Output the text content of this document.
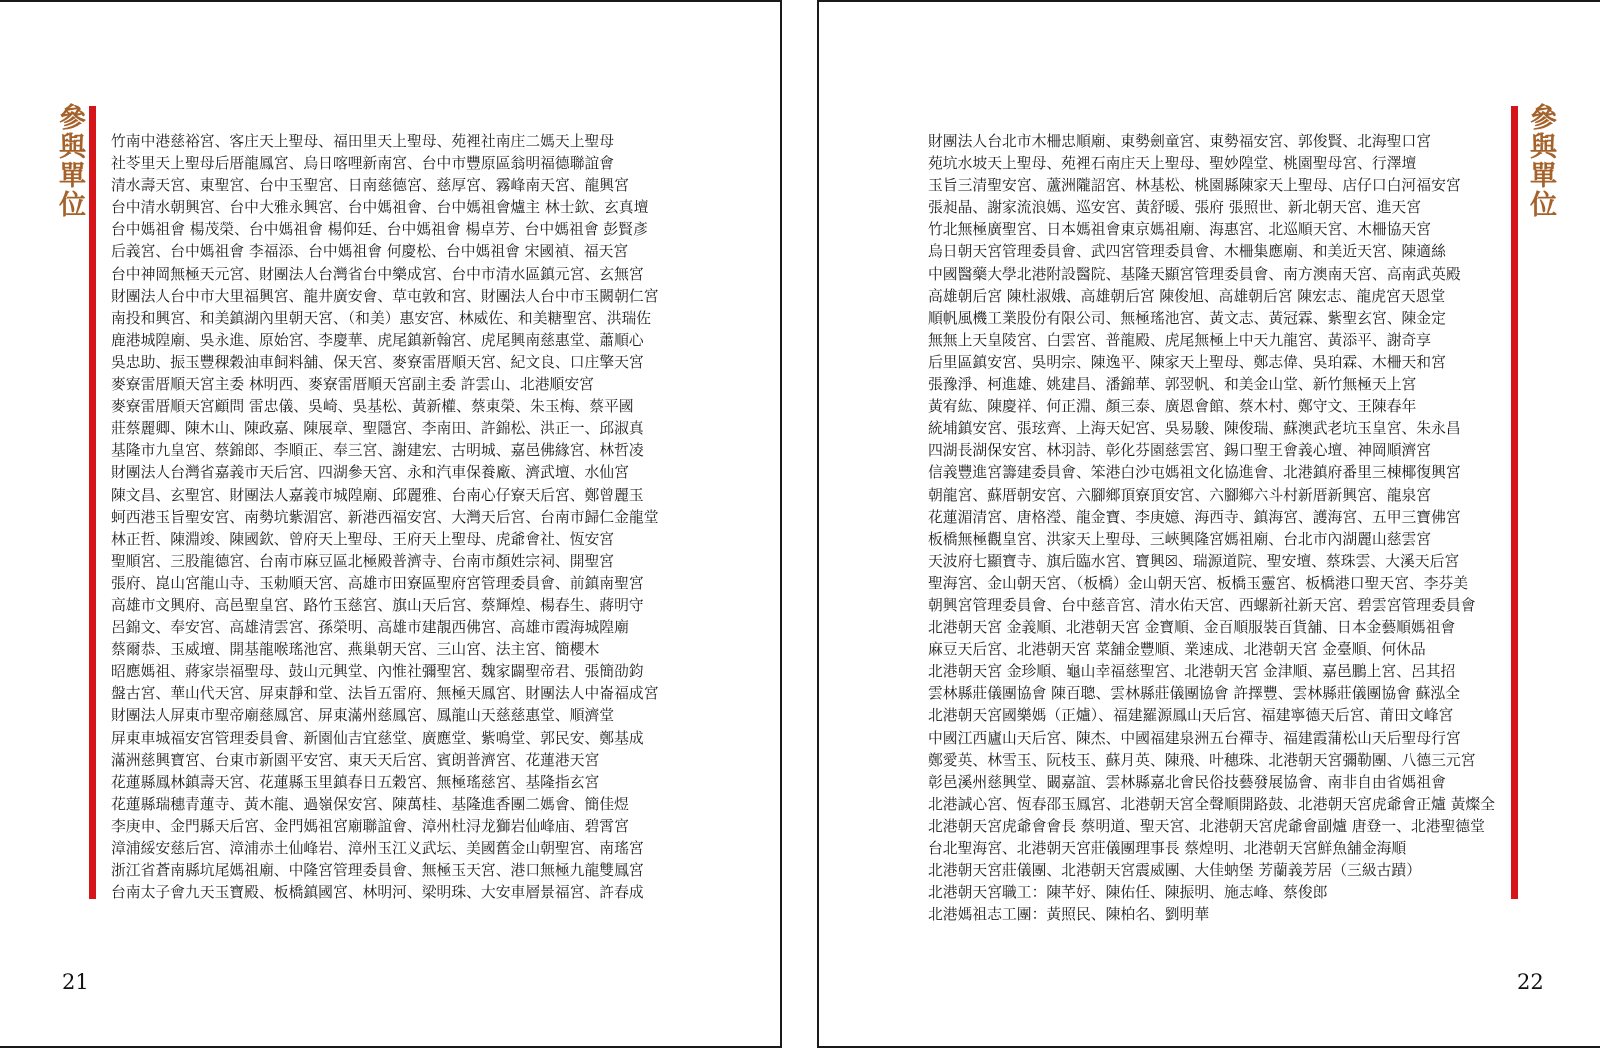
參與單位 竹南中港慈裕宮、客庄天上聖母、福田里天上聖母、苑裡社南庄二媽天上聖母
社苓里天上聖母后厝龍鳳宮、烏日喀哩新南宮、台中市豐原區翁明福德聯誼會
清水壽天宮、東聖宮、台中玉聖宮、日南慈德宮、慈厚宮、霧峰南天宮、龍興宮
台中清水朝興宮、台中大雅永興宮、台中媽祖會、台中媽祖會爐主 林士欽、玄真壇
台中媽祖會 楊茂榮、台中媽祖會 楊仰廷、台中媽祖會 楊卓芳、台中媽祖會 彭賢彥
后義宮、台中媽祖會 李福添、台中媽祖會 何慶松、台中媽祖會 宋國禎、福天宮
台中神岡無極天元宮、財團法人台灣省台中樂成宮、台中市清水區鎮元宮、玄無宮
財團法人台中市大里福興宮、龍井廣安會、草屯敦和宮、財團法人台中市玉闕朝仁宮
南投和興宮、和美鎮湖內里朝天宮、（和美）惠安宮、林威佐、和美糖聖宮、洪瑞佐
鹿港城隍廟、吳永進、原始宮、李慶華、虎尾鎮新翰宮、虎尾興南慈惠堂、蕭順心
吳忠助、振玉豐稞穀油車飼料舖、保天宮、麥寮雷厝順天宮、紀文良、口庄擎天宮
麥寮雷厝順天宮主委 林明西、麥寮雷厝順天宮副主委 許雲山、北港順安宮
麥寮雷厝順天宮顧問 雷忠儀、吳崎、吳基松、黃新權、蔡東榮、朱玉梅、蔡平國
莊蔡麗卿、陳木山、陳政嘉、陳展章、聖隱宮、李南田、許錦松、洪正一、邱淑真
基隆市九皇宮、蔡錦郎、李順正、奉三宮、謝建宏、古明城、嘉邑佛緣宮、林哲凌
財團法人台灣省嘉義市天后宮、四湖參天宮、永和汽車保養廠、濟武壇、水仙宮
陳文昌、玄聖宮、財團法人嘉義市城隍廟、邱麗雅、台南心仔寮天后宮、鄭曾麗玉
蚵西港玉旨聖安宮、南勢坑紫湄宮、新港西福安宮、大灣天后宮、台南市歸仁金龍堂
林正哲、陳淵竣、陳國欽、曾府天上聖母、王府天上聖母、虎爺會社、恆安宮
聖順宮、三股龍德宮、台南市麻豆區北極殿普濟寺、台南市顏姓宗祠、開聖宮
張府、崑山宮龍山寺、玉勅順天宮、高雄市田寮區聖府宮管理委員會、前鎮南聖宮
高雄市文興府、高邑聖皇宮、路竹玉慈宮、旗山天后宮、蔡輝煌、楊春生、蔣明守
呂錦文、奉安宮、高雄清雲宮、孫榮明、高雄市建靚西佛宮、高雄市霞海城隍廟
蔡爾恭、玉威壇、開基龍喉瑤池宮、燕巢朝天宮、三山宮、法主宮、簡櫻木
昭應媽祖、蔣家崇福聖母、鼓山元興堂、內惟社彌聖宮、魏家闢聖帝君、張簡劭鈞
盤古宮、華山代天宮、屏東靜和堂、法旨五雷府、無極天鳳宮、財團法人中崙福成宮
財團法人屏東市聖帝廟慈鳳宮、屏東滿州慈鳳宮、鳳龍山天慈慈惠堂、順濟堂
屏東車城福安宮管理委員會、新園仙吉宜慈堂、廣應堂、紫鳴堂、郭民安、鄭基成
滿洲慈興寶宮、台東市新園平安宮、東天天后宮、賓朗普濟宮、花蓮港天宮
花蓮縣鳳林鎮壽天宮、花蓮縣玉里鎮春日五穀宮、無極瑤慈宮、基隆指玄宮
花蓮縣瑞穗青蓮寺、黃木龍、過嶺保安宮、陳萬桂、基隆進香團二媽會、簡佳煜
李庚申、金門縣天后宮、金門媽祖宮廟聯誼會、漳州杜浔龙獅岩仙峰庙、碧霄宮
漳浦綏安慈后宮、漳浦赤土仙峰岩、漳州玉江义武坛、美國舊金山朝聖宮、南瑤宮
浙江省蒼南縣坑尾媽祖廟、中隆宮管理委員會、無極玉天宮、港口無極九龍雙鳳宮
台南太子會九天玉寶殿、板橋鎮國宮、林明河、梁明珠、大安車層景福宮、許春成
21
參與單位
財團法人台北市木柵忠順廟、東勢劍童宮、東勢福安宮、郭俊賢、北海聖口宮
苑坑水坡天上聖母、苑裡石南庄天上聖母、聖妙隍堂、桃園聖母宮、行澤壇
玉旨三清聖安宮、蘆洲隴詔宮、林基松、桃園縣陳家天上聖母、店仔口白河福安宮
張昶晶、謝家流浪媽、巡安宮、黃舒暖、張府 張照世、新北朝天宮、進天宮
竹北無極廣聖宮、日本媽祖會東京媽祖廟、海惠宮、北巡順天宮、木柵協天宮
烏日朝天宮管理委員會、武四宮管理委員會、木柵集應廟、和美近天宮、陳適絲
中國醫藥大學北港附設醫院、基隆天顯宮管理委員會、南方澳南天宮、高南武英殿
高雄朝后宮 陳杜淑娥、高雄朝后宮 陳俊旭、高雄朝后宮 陳宏志、龍虎宮天恩堂
順帆風機工業股份有限公司、無極瑤池宮、黃文志、黃冠霖、紫聖玄宮、陳金定
無無上天皇陵宮、白雲宮、普龍殿、虎尾無極上中天九龍宮、黃添平、謝奇享
后里區鎮安宮、吳明宗、陳逸平、陳家天上聖母、鄭志偉、吳珀霖、木柵天和宮
張豫淨、柯進雄、姚建昌、潘錦華、郭翌帆、和美金山堂、新竹無極天上宮
黃宥紘、陳慶祥、何正淵、顏三泰、廣恩會館、蔡木村、鄭守文、王陳春年
統埔鎮安宮、張玹齊、上海天妃宮、吳易駿、陳俊瑞、蘇澳武老坑玉皇宮、朱永昌
四湖長湖保安宮、林羽詩、彰化芬園慈雲宮、錫口聖王會義心壇、神岡順濟宮
信義豐進宮籌建委員會、笨港白沙屯媽祖文化協進會、北港鎮府番里三棟椰復興宮
朝龍宮、蘇厝朝安宮、六腳鄉頂寮頂安宮、六腳鄉六斗村新厝新興宮、龍泉宮
花蓮湄清宮、唐格瀅、龍金寶、李庚嬑、海西寺、鎮海宮、護海宮、五甲三寶佛宮
板橋無極觀皇宮、洪家天上聖母、三峽興隆宮媽祖廟、台北市內湖麗山慈雲宮
天波府七顯寶寺、旗后臨水宮、寶興☒、瑞源道院、聖安壇、蔡珠雲、大溪天后宮
聖海宮、金山朝天宮、（板橋）金山朝天宮、板橋玉靈宮、板橋港口聖天宮、李芬美
朝興宮管理委員會、台中慈音宮、清水佑天宮、西螺新社新天宮、碧雲宮管理委員會
北港朝天宮 金義順、北港朝天宮 金寶順、金百順服裝百貨舖、日本金藝順媽祖會
麻豆天后宮、北港朝天宮 菜舖金豐順、業速成、北港朝天宮 金臺順、何休品
北港朝天宮 金珍順、龜山幸福慈聖宮、北港朝天宮 金津順、嘉邑鵬上宮、呂其招
雲林縣莊儀團協會 陳百聰、雲林縣莊儀團協會 許擇豐、雲林縣莊儀團協會 蘇泓全
北港朝天宮國樂媽（正爐）、福建羅源鳳山天后宮、福建寧德天后宮、莆田文峰宮
中國江西廬山天后宮、陳杰、中國福建泉洲五台禪寺、福建霞蒲松山天后聖母行宮
鄭愛英、林雪玉、阮枝玉、蘇月英、陳飛、叶穗珠、北港朝天宮彌勒團、八德三元宮
彰邑溪州慈興堂、闞嘉誼、雲林縣嘉北會民俗技藝發展協會、南非自由省媽祖會
北港誠心宮、恆春邵玉鳳宮、北港朝天宮全聲順開路鼓、北港朝天宮虎爺會正爐 黃燦全
北港朝天宮虎爺會會長 蔡明道、聖天宮、北港朝天宮虎爺會副爐 唐登一、北港聖德堂
台北聖海宮、北港朝天宮莊儀團理事長 蔡煌明、北港朝天宮鮮魚舖金海順
北港朝天宮莊儀團、北港朝天宮震威團、大佳蚋堡 芳蘭義芳居（三級古蹟）
北港朝天宮職工：陳芊妤、陳佑任、陳振明、施志峰、蔡俊郎
北港媽祖志工團：黃照民、陳柏名、劉明華
22
